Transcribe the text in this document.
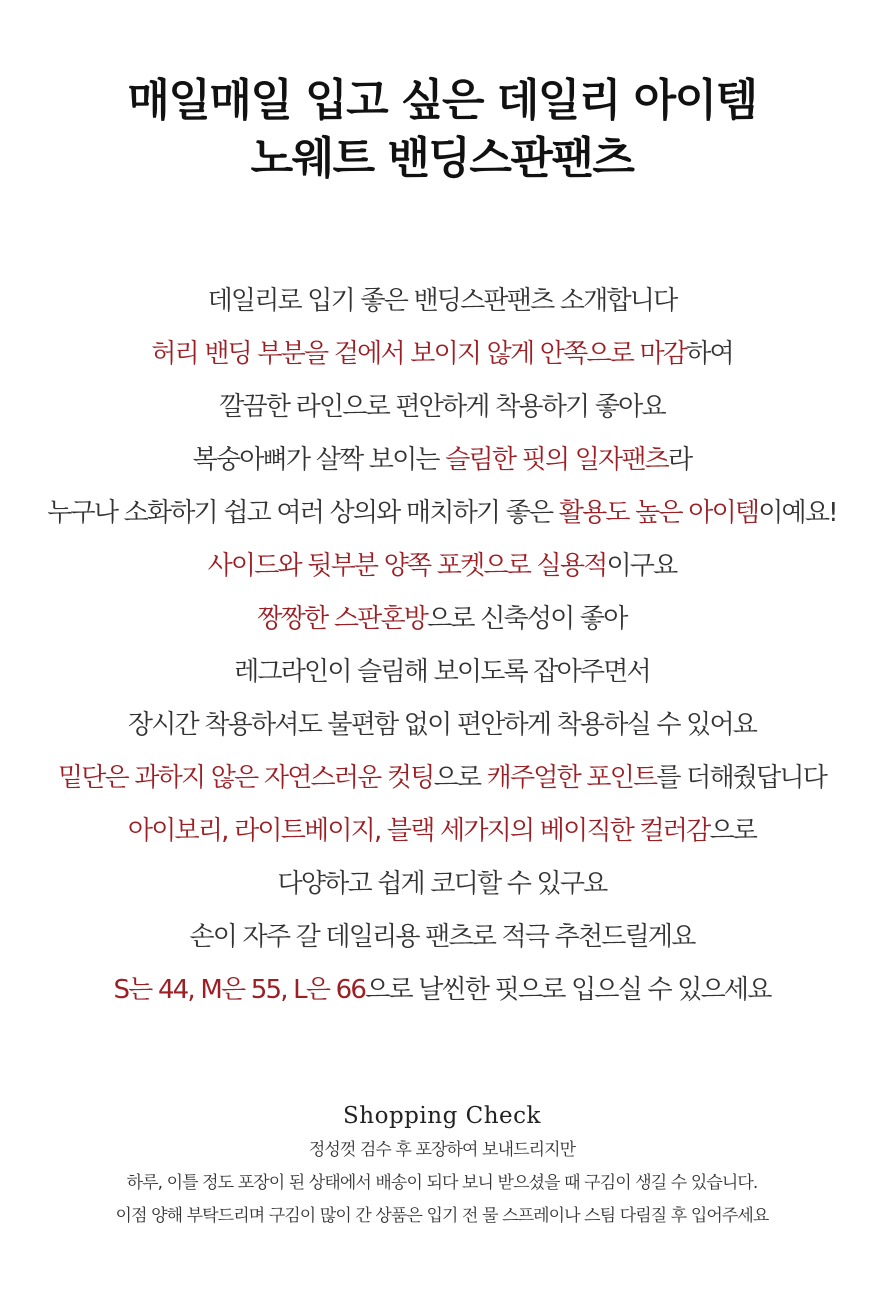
매일매일 입고 싶은 데일리 아이템
노웨트 밴딩스판팬츠
데일리로 입기 좋은 밴딩스판팬츠 소개합니다
허리 밴딩 부분을 겉에서 보이지 않게 안쪽으로 마감하여
깔끔한 라인으로 편안하게 착용하기 좋아요
복숭아뼈가 살짝 보이는 슬림한 핏의 일자팬츠라
누구나 소화하기 쉽고 여러 상의와 매치하기 좋은 활용도 높은 아이템이예요!
사이드와 뒷부분 양쪽 포켓으로 실용적이구요
짱짱한 스판혼방으로 신축성이 좋아
레그라인이 슬림해 보이도록 잡아주면서
장시간 착용하셔도 불편함 없이 편안하게 착용하실 수 있어요
밑단은 과하지 않은 자연스러운 컷팅으로 캐주얼한 포인트를 더해줬답니다
아이보리, 라이트베이지, 블랙 세가지의 베이직한 컬러감으로
다양하고 쉽게 코디할 수 있구요
손이 자주 갈 데일리용 팬츠로 적극 추천드릴게요
S는 44, M은 55, L은 66으로 날씬한 핏으로 입으실 수 있으세요
Shopping Check
정성껏 검수 후 포장하여 보내드리지만
하루, 이틀 정도 포장이 된 상태에서 배송이 되다 보니 받으셨을 때 구김이 생길 수 있습니다.
이점 양해 부탁드리며 구김이 많이 간 상품은 입기 전 물 스프레이나 스팀 다림질 후 입어주세요
